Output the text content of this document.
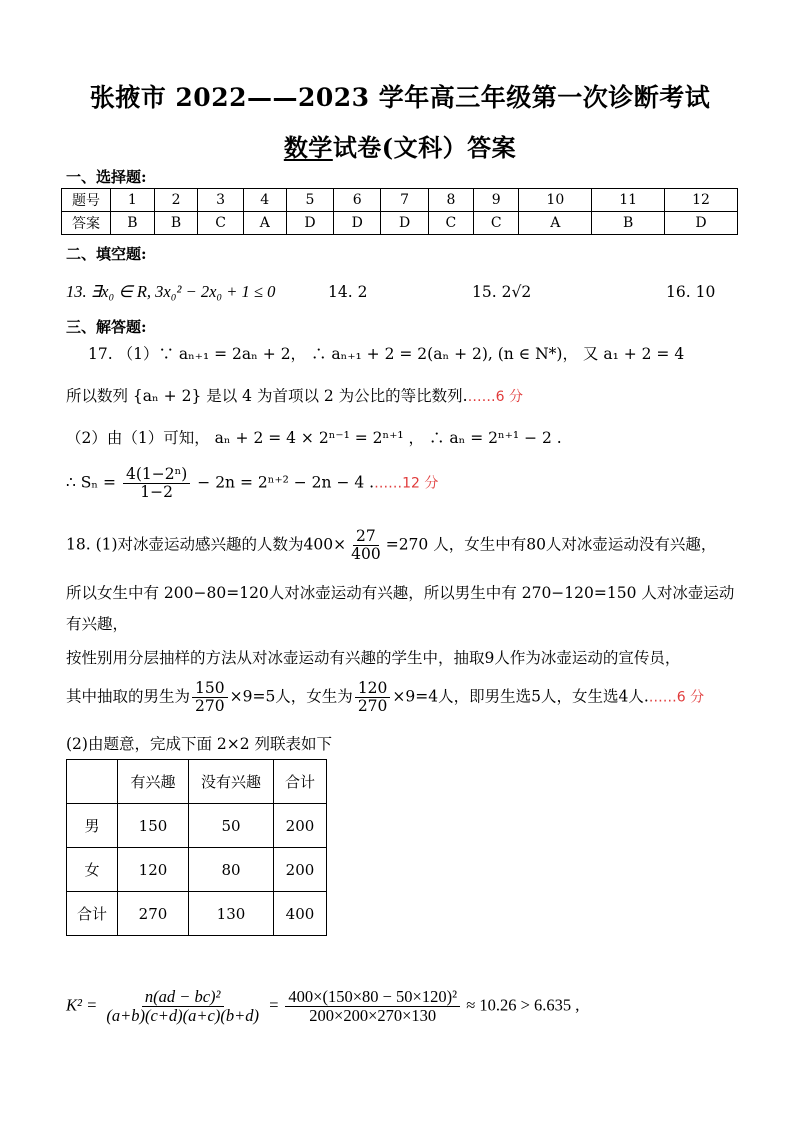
张掖市 2022——2023 学年高三年级第一次诊断考试
数学试卷(文科）答案
一、选择题:
题号	1	2	3	4	5	6	7	8	9	10	11	12
答案	B	B	C	A	D	D	D	C	C	A	B	D
二、填空题:
13. ∃x₀ ∈ R, 3x₀² − 2x₀ + 1 ≤ 0	14. 2	15. 2√2	16. 10
三、解答题:
17. （1）∵ aₙ₊₁ = 2aₙ + 2， ∴ aₙ₊₁ + 2 = 2(aₙ + 2), (n ∈ N*)， 又 a₁ + 2 = 4
所以数列 {aₙ + 2} 是以 4 为首项以 2 为公比的等比数列.……6 分
（2）由（1）可知， aₙ + 2 = 4 × 2ⁿ⁻¹ = 2ⁿ⁺¹ ， ∴ aₙ = 2ⁿ⁺¹ − 2 .
∴ $S_n = \frac{\text{4(1−2ⁿ)}}{1-2} - 2n = 2^{n+2} - 2n - 4$ .……12 分
18. (1)对冰壶运动感兴趣的人数为$400\times \frac{27}{400} =270$ 人，女生中有80人对冰壶运动没有兴趣，
所以女生中有 200−80=120人对冰壶运动有兴趣，所以男生中有 270−120=150 人对冰壶运动
有兴趣，
按性别用分层抽样的方法从对冰壶运动有兴趣的学生中，抽取9人作为冰壶运动的宣传员，
其中抽取的男生为 $\frac{150}{270} \times 9=5$人，女生为 $\frac{120}{270} \times 9=4$人，即男生选5人，女生选4人.……6 分
(2)由题意，完成下面 2×2 列联表如下
	有兴趣	没有兴趣	合计
男	150	50	200
女	120	80	200
合计	270	130	400
$K^2 = \frac{\text{n(ad − bc)²}}{(a+b)(c+d)(a+c)(b+d)} = \frac{\text{400×(150×80 − 50×120)²}}{200\times 200\times 270\times 130} \approx 10.26 > 6.635$ ,
